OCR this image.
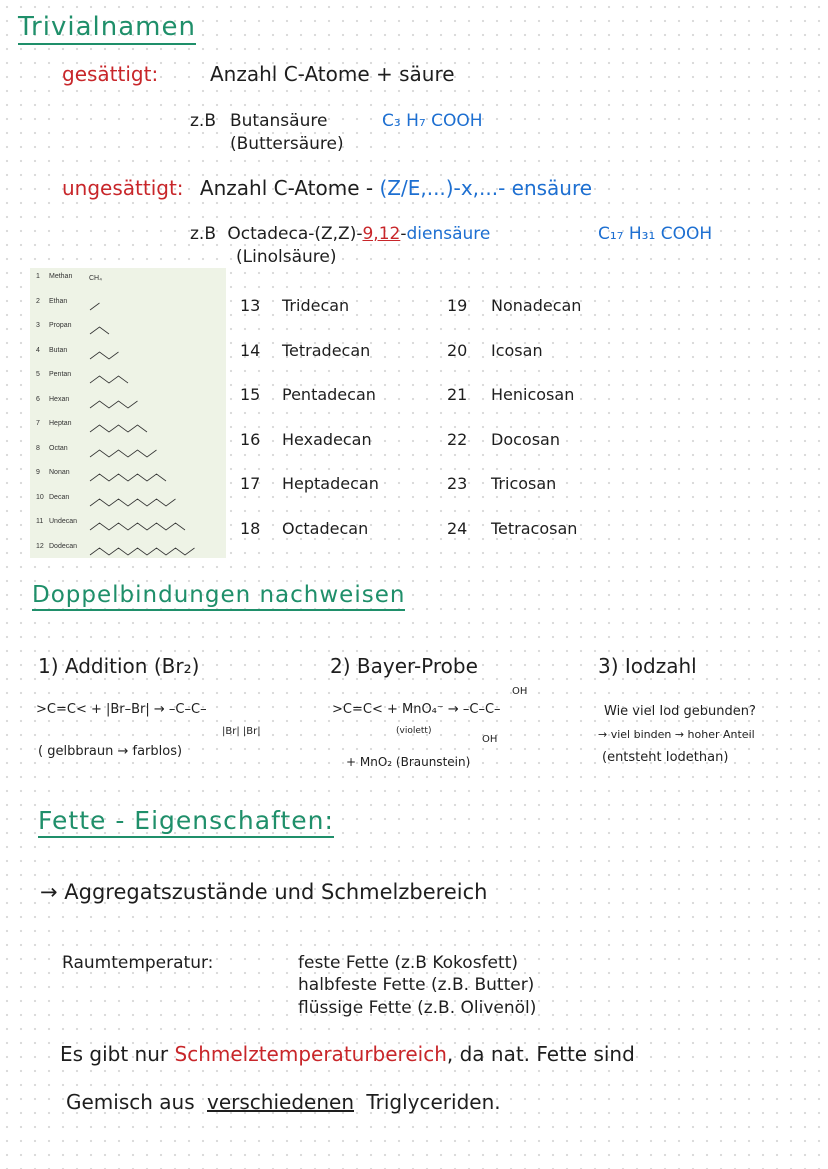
Trivialnamen
gesättigt:	Anzahl C-Atome + säure
z.B Butansäure	C₃ H₇ COOH
(Buttersäure)
ungesättigt: Anzahl C-Atome - (Z/E,...)-x,...- ensäure
z.B Octadeca-(Z,Z)-9,12-diensäure	C₁₇ H₃₁ COOH
(Linolsäure)
1 Methan CH₄
2 Ethan
3 Propan
4 Butan
5 Pentan
6 Hexan
7 Heptan
8 Octan
9 Nonan
10 Decan
11 Undecan
12 Dodecan
13 Tridecan
14 Tetradecan
15 Pentadecan
16 Hexadecan
17 Heptadecan
18 Octadecan
19 Nonadecan
20 Icosan
21 Henicosan
22 Docosan
23 Tricosan
24 Tetracosan
Doppelbindungen nachweisen
1) Addition (Br₂)
>C=C< + |Br–Br| → –C–C–
|Br| |Br|
( gelbbraun → farblos)
2) Bayer-Probe
OH
>C=C< + MnO₄⁻ → –C–C–
(violett)
OH
+ MnO₂ (Braunstein)
3) Iodzahl
Wie viel Iod gebunden?
→ viel binden → hoher Anteil
(entsteht Iodethan)
Fette - Eigenschaften:
→ Aggregatszustände und Schmelzbereich
Raumtemperatur:	feste Fette (z.B Kokosfett)
halbfeste Fette (z.B. Butter)
flüssige Fette (z.B. Olivenöl)
Es gibt nur Schmelztemperaturbereich, da nat. Fette sind
Gemisch aus verschiedenen Triglyceriden.
